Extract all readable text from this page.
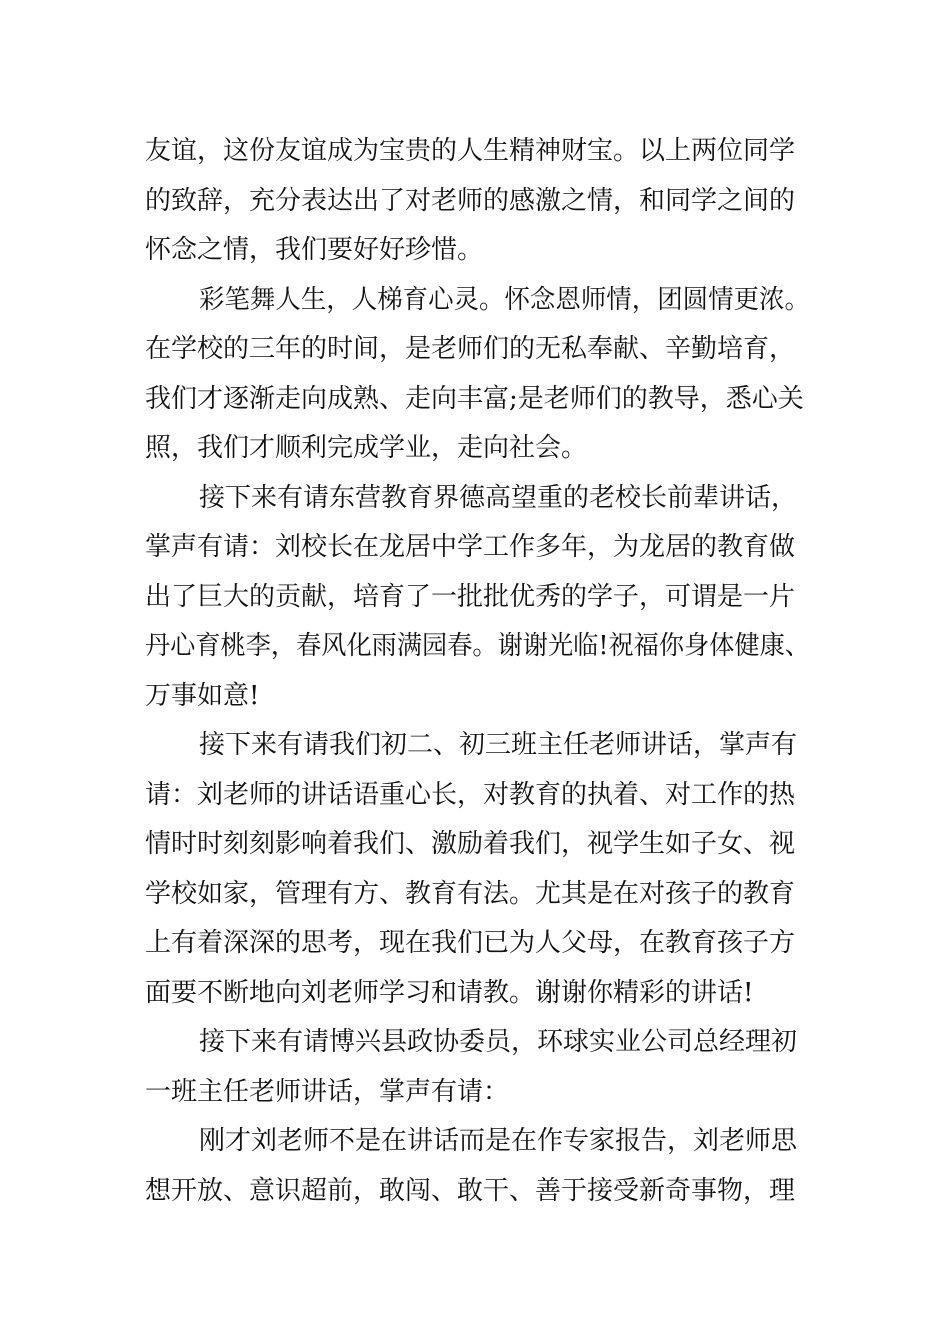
友谊，这份友谊成为宝贵的人生精神财宝。以上两位同学
的致辞，充分表达出了对老师的感激之情，和同学之间的
怀念之情，我们要好好珍惜。
彩笔舞人生，人梯育心灵。怀念恩师情，团圆情更浓。
在学校的三年的时间，是老师们的无私奉献、辛勤培育，
我们才逐渐走向成熟、走向丰富;是老师们的教导，悉心关
照，我们才顺利完成学业，走向社会。
接下来有请东营教育界德高望重的老校长前辈讲话，
掌声有请：刘校长在龙居中学工作多年，为龙居的教育做
出了巨大的贡献，培育了一批批优秀的学子，可谓是一片
丹心育桃李，春风化雨满园春。谢谢光临!祝福你身体健康、
万事如意!
接下来有请我们初二、初三班主任老师讲话，掌声有
请：刘老师的讲话语重心长，对教育的执着、对工作的热
情时时刻刻影响着我们、激励着我们，视学生如子女、视
学校如家，管理有方、教育有法。尤其是在对孩子的教育
上有着深深的思考，现在我们已为人父母，在教育孩子方
面要不断地向刘老师学习和请教。谢谢你精彩的讲话!
接下来有请博兴县政协委员，环球实业公司总经理初
一班主任老师讲话，掌声有请：
刚才刘老师不是在讲话而是在作专家报告，刘老师思
想开放、意识超前，敢闯、敢干、善于接受新奇事物，理
